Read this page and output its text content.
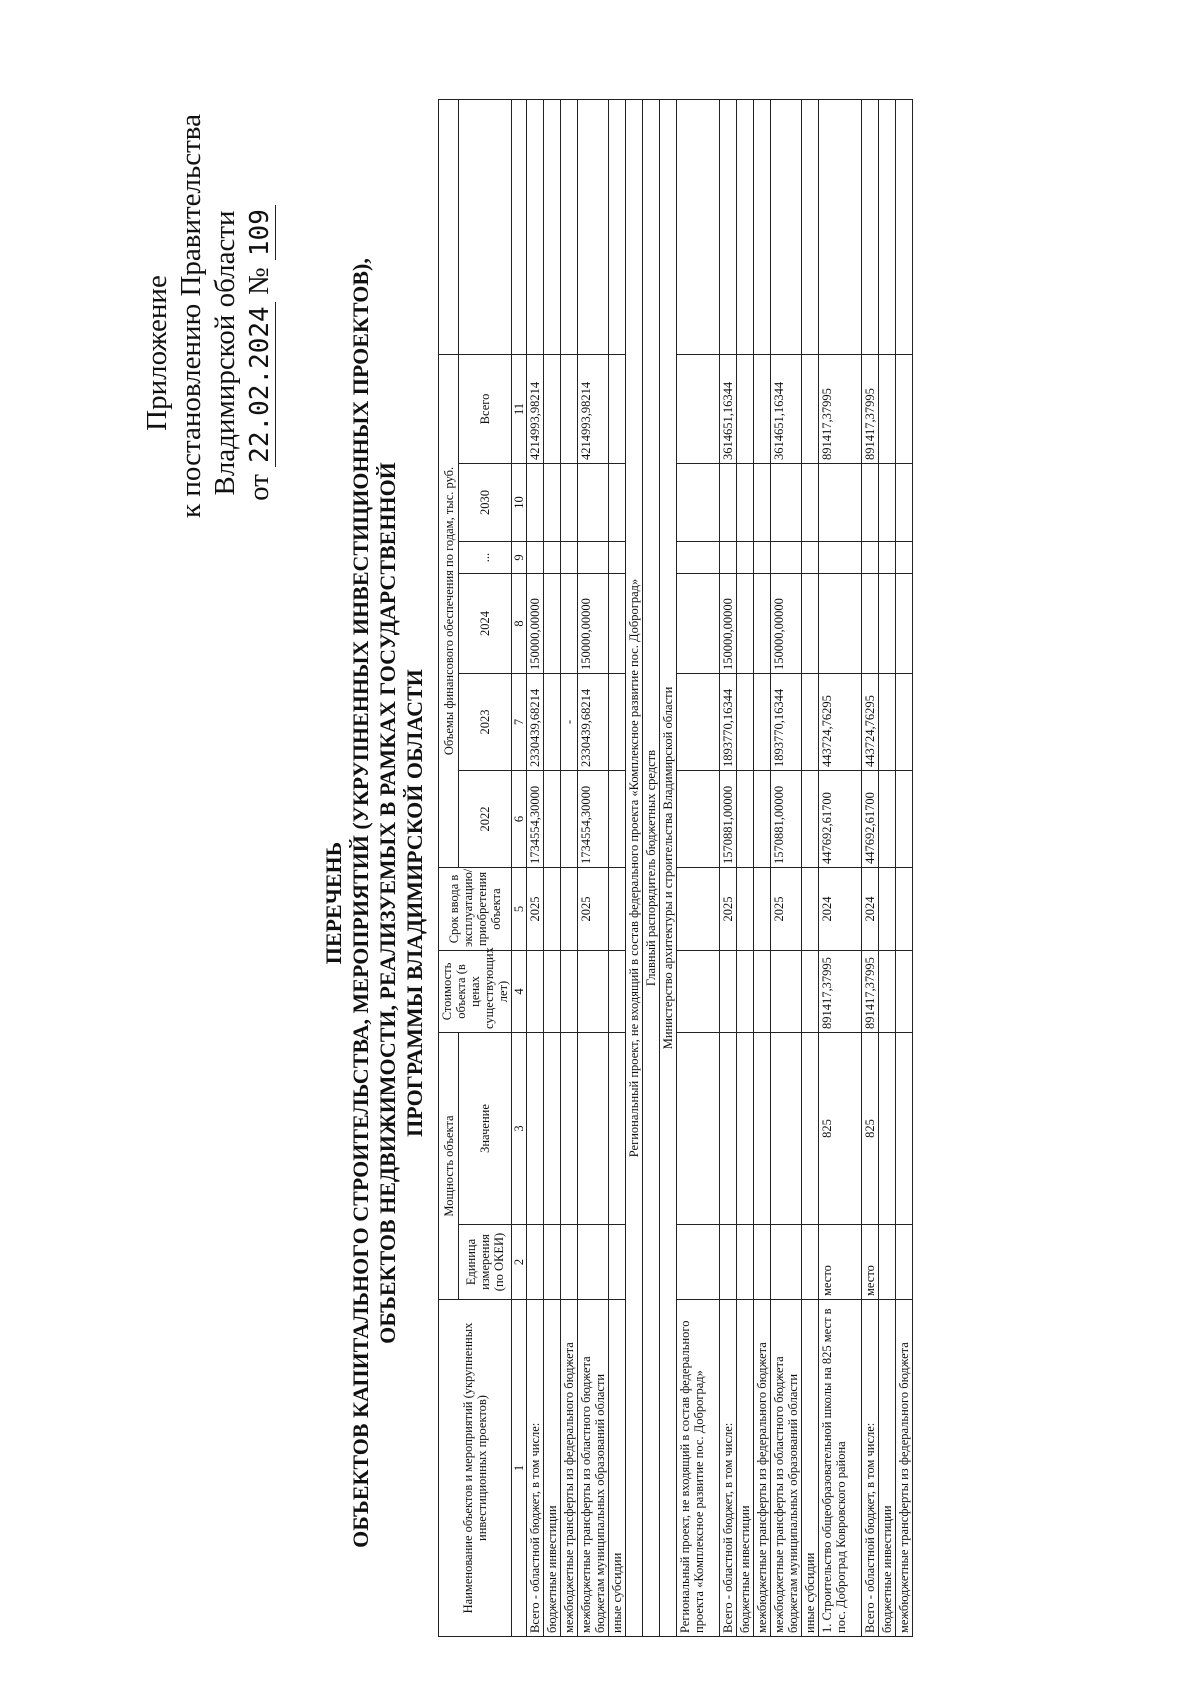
Приложение к постановлению Правительства Владимирской области от 22.02.2024 № 109
ПЕРЕЧЕНЬ ОБЪЕКТОВ КАПИТАЛЬНОГО СТРОИТЕЛЬСТВА, МЕРОПРИЯТИЙ (УКРУПНЕННЫХ ИНВЕСТИЦИОННЫХ ПРОЕКТОВ), ОБЪЕКТОВ НЕДВИЖИМОСТИ, РЕАЛИЗУЕМЫХ В РАМКАХ ГОСУДАРСТВЕННОЙ ПРОГРАММЫ ВЛАДИМИРСКОЙ ОБЛАСТИ
Наименование объектов и мероприятий (укрупненных инвестиционных проектов)	Мощность объекта		Стоимость объекта (в ценах существующих лет)	Срок ввода в эксплуатацию/приобретения объекта	Объемы финансового обеспечения по годам, тыс. руб.						
	Единица измерения (по ОКЕИ)	Значение			2022	2023	2024	...	2030	Всего	
1	2	3	4	5	6	7	8	9	10	11	
Всего - областной бюджет, в том числе:				2025	1734554,30000	2330439,68214	150000,00000			4214993,98214	
бюджетные инвестиции											
межбюджетные трансферты из федерального бюджета						-					
межбюджетные трансферты из областного бюджета бюджетам муниципальных образований области				2025	1734554,30000	2330439,68214	150000,00000			4214993,98214	
иные субсидии											
Региональный проект, не входящий в состав федерального проекта «Комплексное развитие пос. Доброград»											
Главный распорядитель бюджетных средств											
Министерство архитектуры и строительства Владимирской области											
Региональный проект, не входящий в состав федерального проекта «Комплексное развитие пос. Доброград»											
Всего - областной бюджет, в том числе:				2025	1570881,00000	1893770,16344	150000,00000			3614651,16344	
бюджетные инвестиции											
межбюджетные трансферты из федерального бюджета											
межбюджетные трансферты из областного бюджета бюджетам муниципальных образований области				2025	1570881,00000	1893770,16344	150000,00000			3614651,16344	
иные субсидии											
1. Строительство общеобразовательной школы на 825 мест в пос. Доброград Ковровского района	место	825	891417,37995	2024	447692,61700	443724,76295				891417,37995	
Всего - областной бюджет, в том числе:	место	825	891417,37995	2024	447692,61700	443724,76295				891417,37995	
бюджетные инвестиции											
межбюджетные трансферты из федерального бюджета											
